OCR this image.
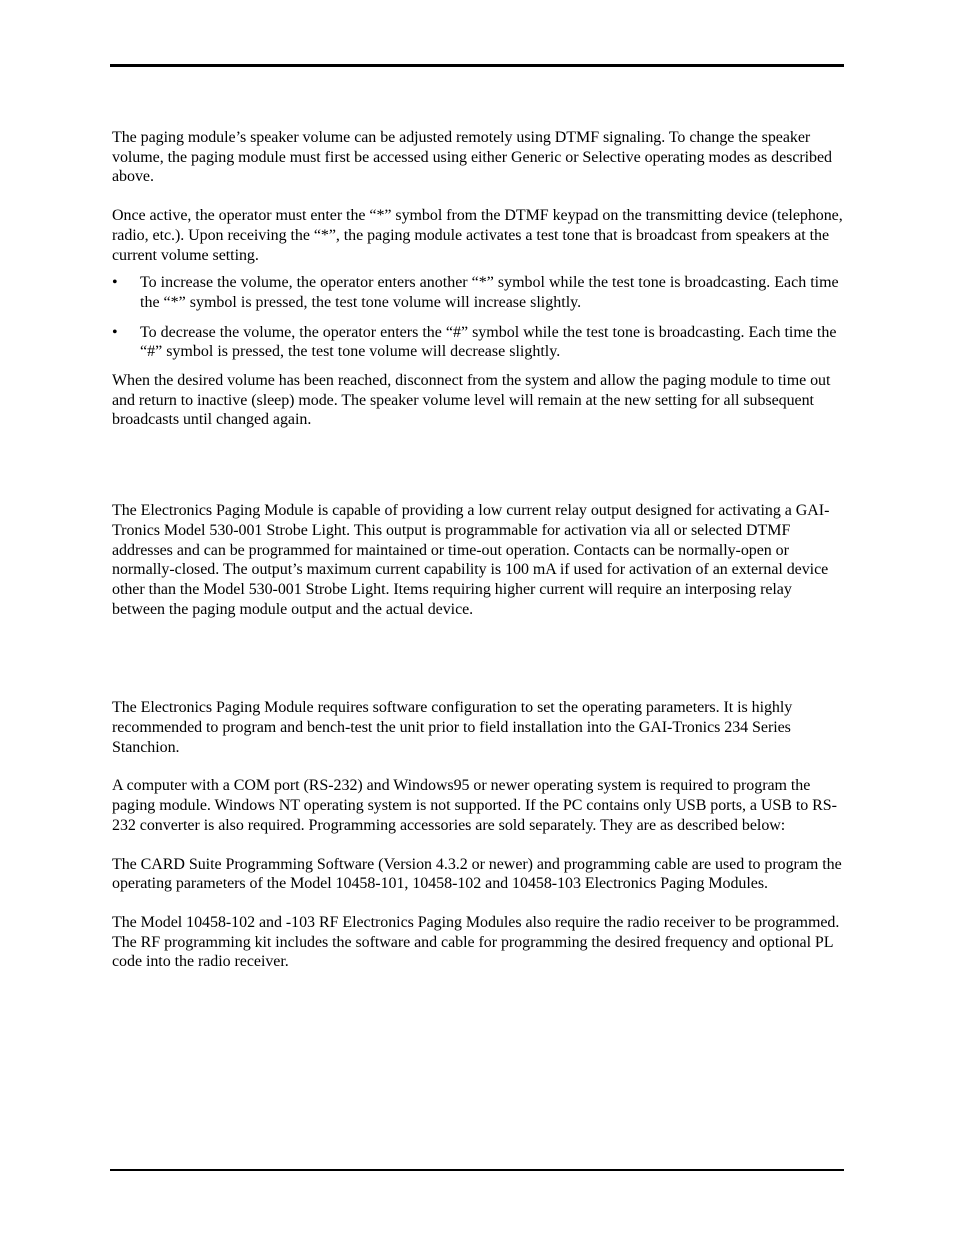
The paging module’s speaker volume can be adjusted remotely using DTMF signaling. To change the speaker volume, the paging module must first be accessed using either Generic or Selective operating modes as described above.

Once active, the operator must enter the “*” symbol from the DTMF keypad on the transmitting device (telephone, radio, etc.). Upon receiving the “*”, the paging module activates a test tone that is broadcast from speakers at the current volume setting.

•	To increase the volume, the operator enters another “*” symbol while the test tone is broadcasting. Each time the “*” symbol is pressed, the test tone volume will increase slightly.
•	To decrease the volume, the operator enters the “#” symbol while the test tone is broadcasting. Each time the “#” symbol is pressed, the test tone volume will decrease slightly.

When the desired volume has been reached, disconnect from the system and allow the paging module to time out and return to inactive (sleep) mode. The speaker volume level will remain at the new setting for all subsequent broadcasts until changed again.

The Electronics Paging Module is capable of providing a low current relay output designed for activating a GAI-Tronics Model 530-001 Strobe Light. This output is programmable for activation via all or selected DTMF addresses and can be programmed for maintained or time-out operation. Contacts can be normally-open or normally-closed. The output’s maximum current capability is 100 mA if used for activation of an external device other than the Model 530-001 Strobe Light. Items requiring higher current will require an interposing relay between the paging module output and the actual device.

The Electronics Paging Module requires software configuration to set the operating parameters. It is highly recommended to program and bench-test the unit prior to field installation into the GAI-Tronics 234 Series Stanchion.

A computer with a COM port (RS-232) and Windows95 or newer operating system is required to program the paging module. Windows NT operating system is not supported. If the PC contains only USB ports, a USB to RS-232 converter is also required. Programming accessories are sold separately. They are as described below:

The CARD Suite Programming Software (Version 4.3.2 or newer) and programming cable are used to program the operating parameters of the Model 10458-101, 10458-102 and 10458-103 Electronics Paging Modules.

The Model 10458-102 and -103 RF Electronics Paging Modules also require the radio receiver to be programmed. The RF programming kit includes the software and cable for programming the desired frequency and optional PL code into the radio receiver.
